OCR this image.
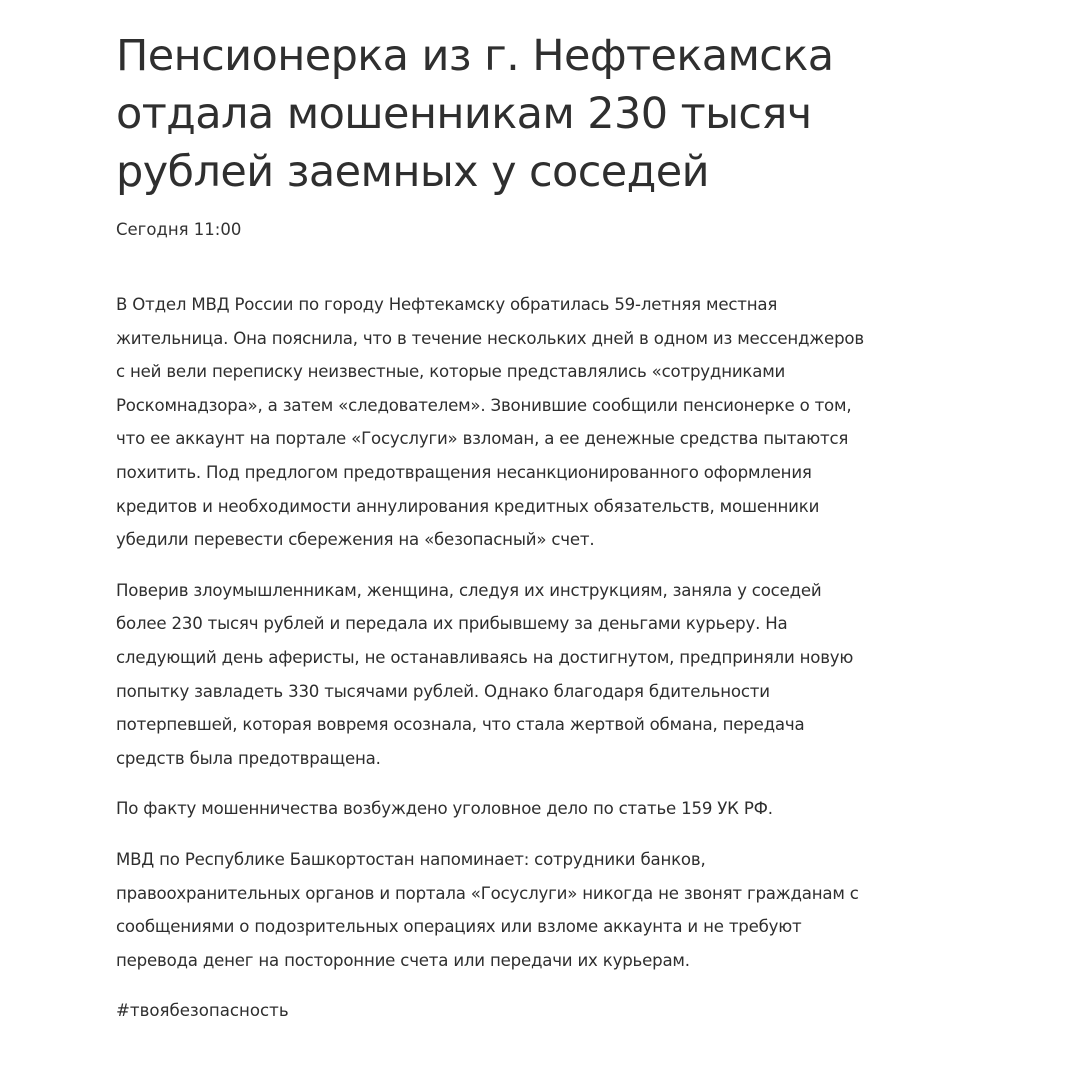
Пенсионерка из г. Нефтекамска
отдала мошенникам 230 тысяч
рублей заемных у соседей
Сегодня 11:00

В Отдел МВД России по городу Нефтекамску обратилась 59-летняя местная
жительница. Она пояснила, что в течение нескольких дней в одном из мессенджеров
с ней вели переписку неизвестные, которые представлялись «сотрудниками
Роскомнадзора», а затем «следователем». Звонившие сообщили пенсионерке о том,
что ее аккаунт на портале «Госуслуги» взломан, а ее денежные средства пытаются
похитить. Под предлогом предотвращения несанкционированного оформления
кредитов и необходимости аннулирования кредитных обязательств, мошенники
убедили перевести сбережения на «безопасный» счет.

Поверив злоумышленникам, женщина, следуя их инструкциям, заняла у соседей
более 230 тысяч рублей и передала их прибывшему за деньгами курьеру. На
следующий день аферисты, не останавливаясь на достигнутом, предприняли новую
попытку завладеть 330 тысячами рублей. Однако благодаря бдительности
потерпевшей, которая вовремя осознала, что стала жертвой обмана, передача
средств была предотвращена.

По факту мошенничества возбуждено уголовное дело по статье 159 УК РФ.

МВД по Республике Башкортостан напоминает: сотрудники банков,
правоохранительных органов и портала «Госуслуги» никогда не звонят гражданам с
сообщениями о подозрительных операциях или взломе аккаунта и не требуют
перевода денег на посторонние счета или передачи их курьерам.

#твоябезопасность
